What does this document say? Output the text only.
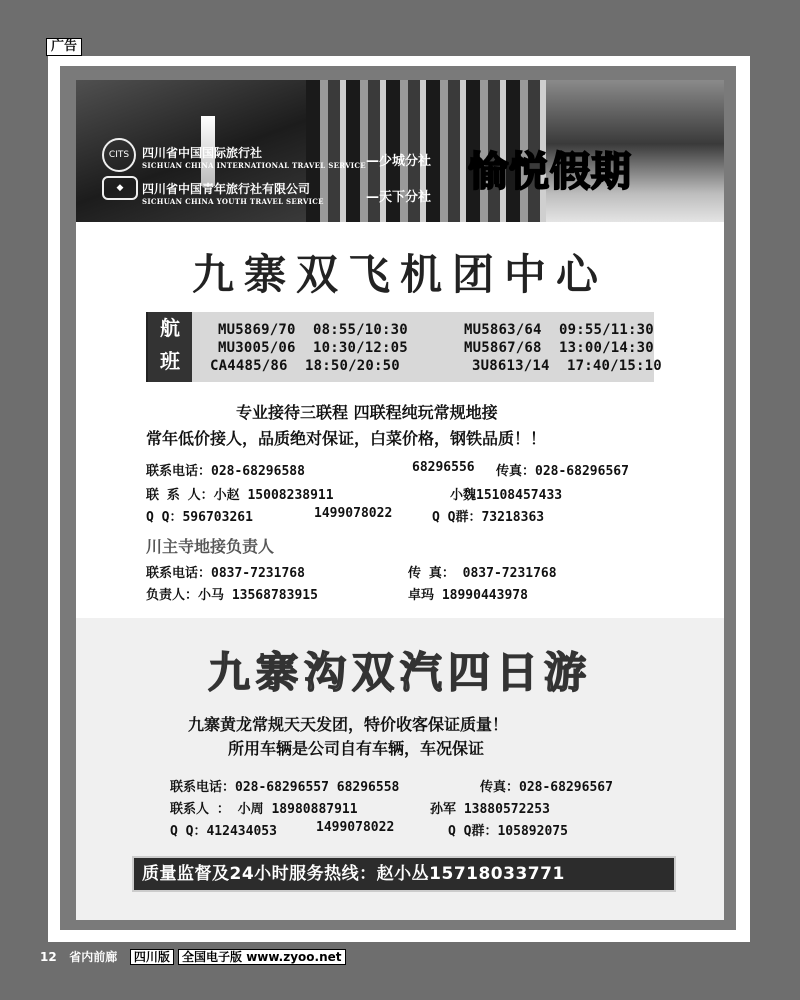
广告
CITS	四川省中国国际旅行社
SICHUAN CHINA INTERNATIONAL TRAVEL SERVICE —少城分社
◆	四川省中国青年旅行社有限公司
SICHUAN CHINA YOUTH TRAVEL SERVICE	—天下分社
愉悦假期
九寨双飞机团中心
航
班
MU5869/70 08:55/10:30	MU5863/64 09:55/11:30
MU3005/06 10:30/12:05	MU5867/68 13:00/14:30
CA4485/86 18:50/20:50	3U8613/14 17:40/15:10
专业接待三联程 四联程纯玩常规地接
常年低价接人，品质绝对保证，白菜价格，钢铁品质！！
联系电话：028-68296588	68296556 传真：028-68296567
联 系 人：小赵 15008238911	小魏15108457433
Q Q：596703261	1499078022	Q Q群：73218363
川主寺地接负责人
联系电话：0837-7231768	传 真： 0837-7231768
负责人：小马 13568783915	卓玛 18990443978
九寨沟双汽四日游
九寨黄龙常规天天发团，特价收客保证质量！
所用车辆是公司自有车辆，车况保证
联系电话：028-68296557 68296558	传真：028-68296567
联系人 ： 小周 18980887911	孙军 13880572253
Q Q：412434053	1499078022	Q Q群：105892075
质量监督及24小时服务热线：赵小丛15718033771
12 省内前廊 四川版 全国电子版 www.zyoo.net
